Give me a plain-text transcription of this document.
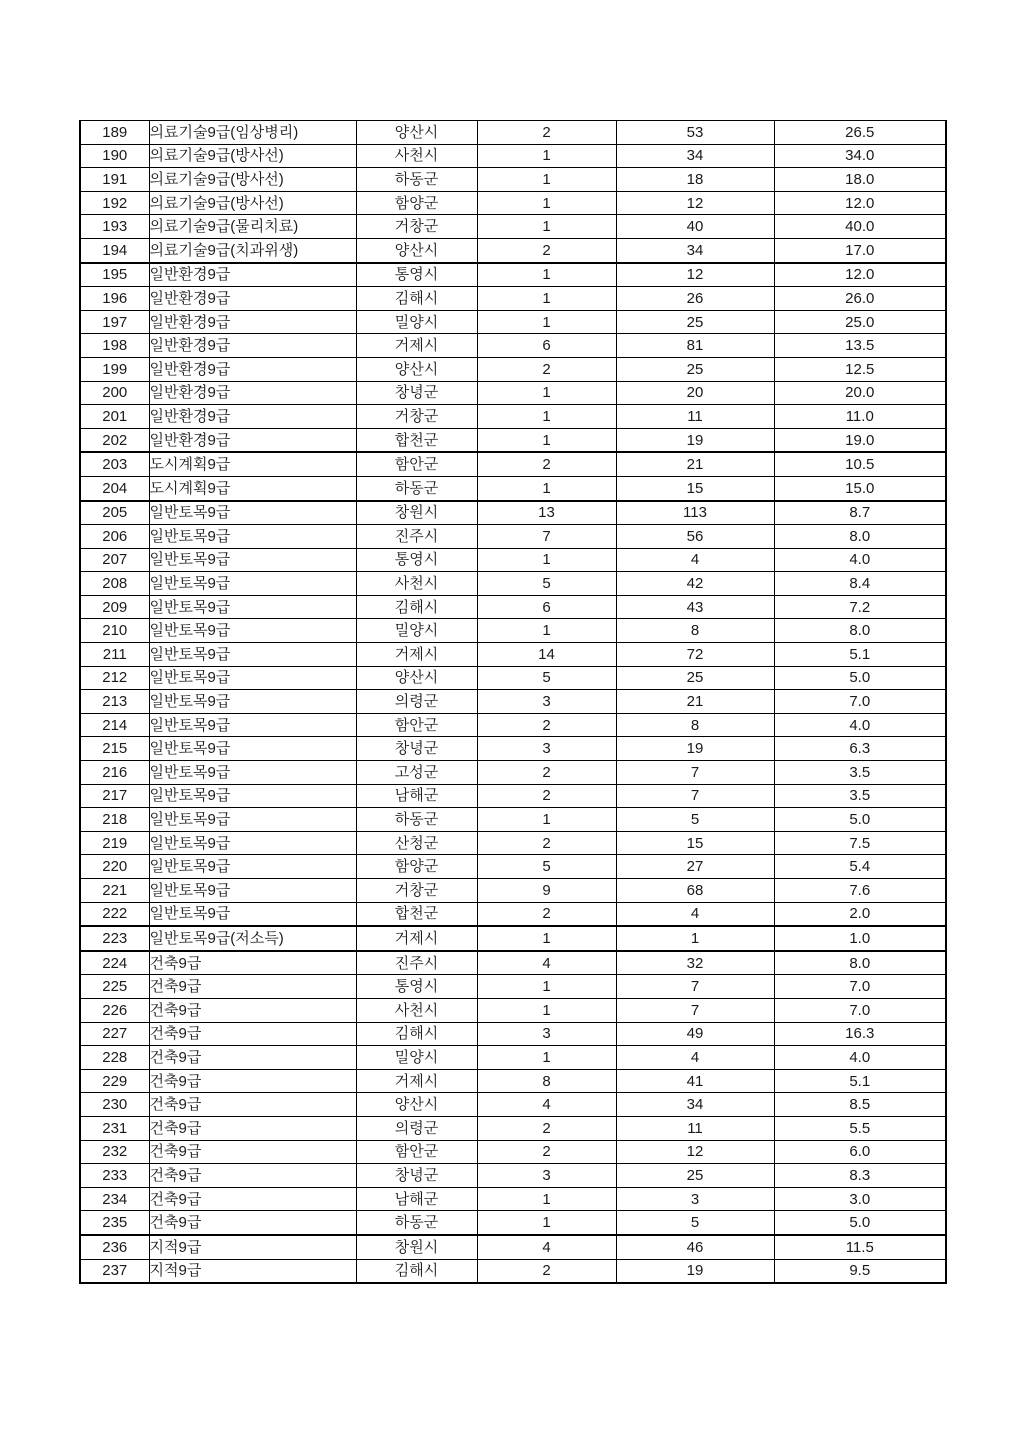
189	의료기술9급(임상병리)	양산시	2	53	26.5
190	의료기술9급(방사선)	사천시	1	34	34.0
191	의료기술9급(방사선)	하동군	1	18	18.0
192	의료기술9급(방사선)	함양군	1	12	12.0
193	의료기술9급(물리치료)	거창군	1	40	40.0
194	의료기술9급(치과위생)	양산시	2	34	17.0
195	일반환경9급	통영시	1	12	12.0
196	일반환경9급	김해시	1	26	26.0
197	일반환경9급	밀양시	1	25	25.0
198	일반환경9급	거제시	6	81	13.5
199	일반환경9급	양산시	2	25	12.5
200	일반환경9급	창녕군	1	20	20.0
201	일반환경9급	거창군	1	11	11.0
202	일반환경9급	합천군	1	19	19.0
203	도시계획9급	함안군	2	21	10.5
204	도시계획9급	하동군	1	15	15.0
205	일반토목9급	창원시	13	113	8.7
206	일반토목9급	진주시	7	56	8.0
207	일반토목9급	통영시	1	4	4.0
208	일반토목9급	사천시	5	42	8.4
209	일반토목9급	김해시	6	43	7.2
210	일반토목9급	밀양시	1	8	8.0
211	일반토목9급	거제시	14	72	5.1
212	일반토목9급	양산시	5	25	5.0
213	일반토목9급	의령군	3	21	7.0
214	일반토목9급	함안군	2	8	4.0
215	일반토목9급	창녕군	3	19	6.3
216	일반토목9급	고성군	2	7	3.5
217	일반토목9급	남해군	2	7	3.5
218	일반토목9급	하동군	1	5	5.0
219	일반토목9급	산청군	2	15	7.5
220	일반토목9급	함양군	5	27	5.4
221	일반토목9급	거창군	9	68	7.6
222	일반토목9급	합천군	2	4	2.0
223	일반토목9급(저소득)	거제시	1	1	1.0
224	건축9급	진주시	4	32	8.0
225	건축9급	통영시	1	7	7.0
226	건축9급	사천시	1	7	7.0
227	건축9급	김해시	3	49	16.3
228	건축9급	밀양시	1	4	4.0
229	건축9급	거제시	8	41	5.1
230	건축9급	양산시	4	34	8.5
231	건축9급	의령군	2	11	5.5
232	건축9급	함안군	2	12	6.0
233	건축9급	창녕군	3	25	8.3
234	건축9급	남해군	1	3	3.0
235	건축9급	하동군	1	5	5.0
236	지적9급	창원시	4	46	11.5
237	지적9급	김해시	2	19	9.5
